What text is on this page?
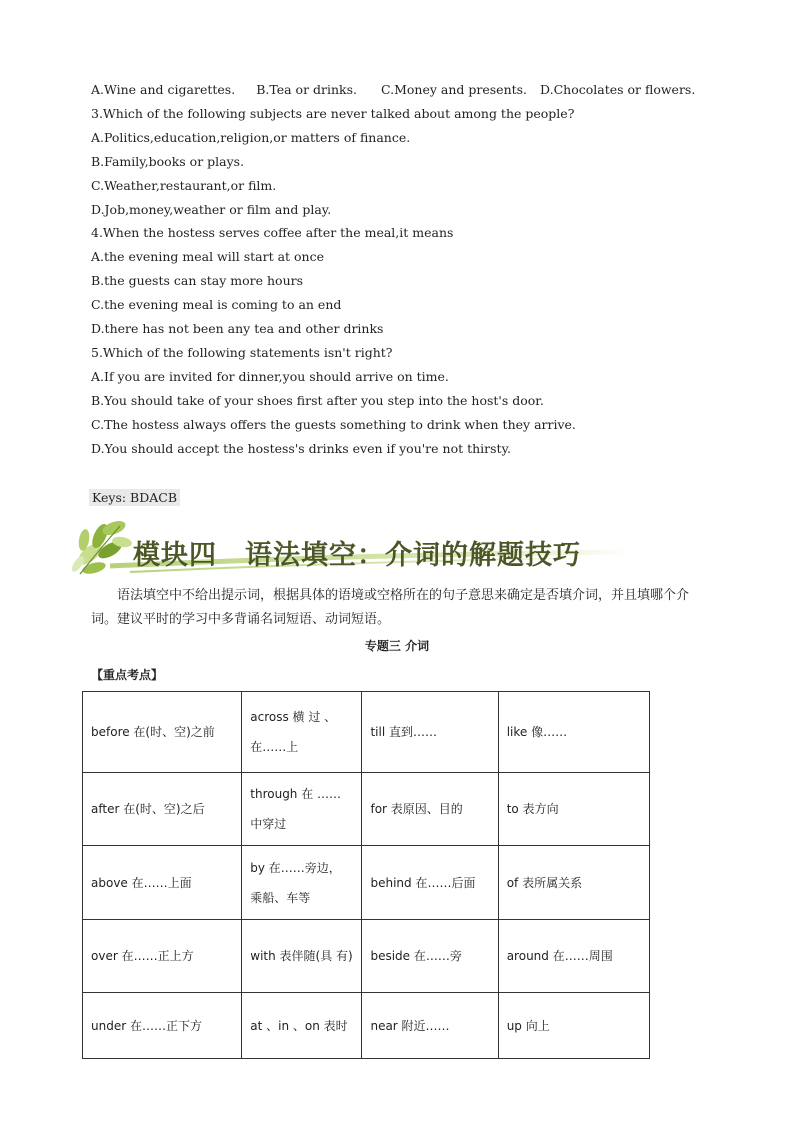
A.Wine and cigarettes. B.Tea or drinks. C.Money and presents. D.Chocolates or flowers.
3.Which of the following subjects are never talked about among the people?
A.Politics,education,religion,or matters of finance.
B.Family,books or plays.
C.Weather,restaurant,or film.
D.Job,money,weather or film and play.
4.When the hostess serves coffee after the meal,it means
A.the evening meal will start at once
B.the guests can stay more hours
C.the evening meal is coming to an end
D.there has not been any tea and other drinks
5.Which of the following statements isn't right?
A.If you are invited for dinner,you should arrive on time.
B.You should take of your shoes first after you step into the host's door.
C.The hostess always offers the guests something to drink when they arrive.
D.You should accept the hostess's drinks even if you're not thirsty.
Keys: BDACB
模块四 语法填空：介词的解题技巧
语法填空中不给出提示词，根据具体的语境或空格所在的句子意思来确定是否填介词，并且填哪个介词。建议平时的学习中多背诵名词短语、动词短语。
专题三 介词
【重点考点】
before 在(时、空)之前	across 横 过 、 在……上	till 直到……	like 像……
after 在(时、空)之后	through 在 …… 中穿过	for 表原因、目的	to 表方向
above 在……上面	by 在……旁边， 乘船、车等	behind 在……后面	of 表所属关系
over 在……正上方	with 表伴随(具 有)	beside 在……旁	around 在……周围
under 在……正下方	at 、in 、on 表时	near 附近……	up 向上
